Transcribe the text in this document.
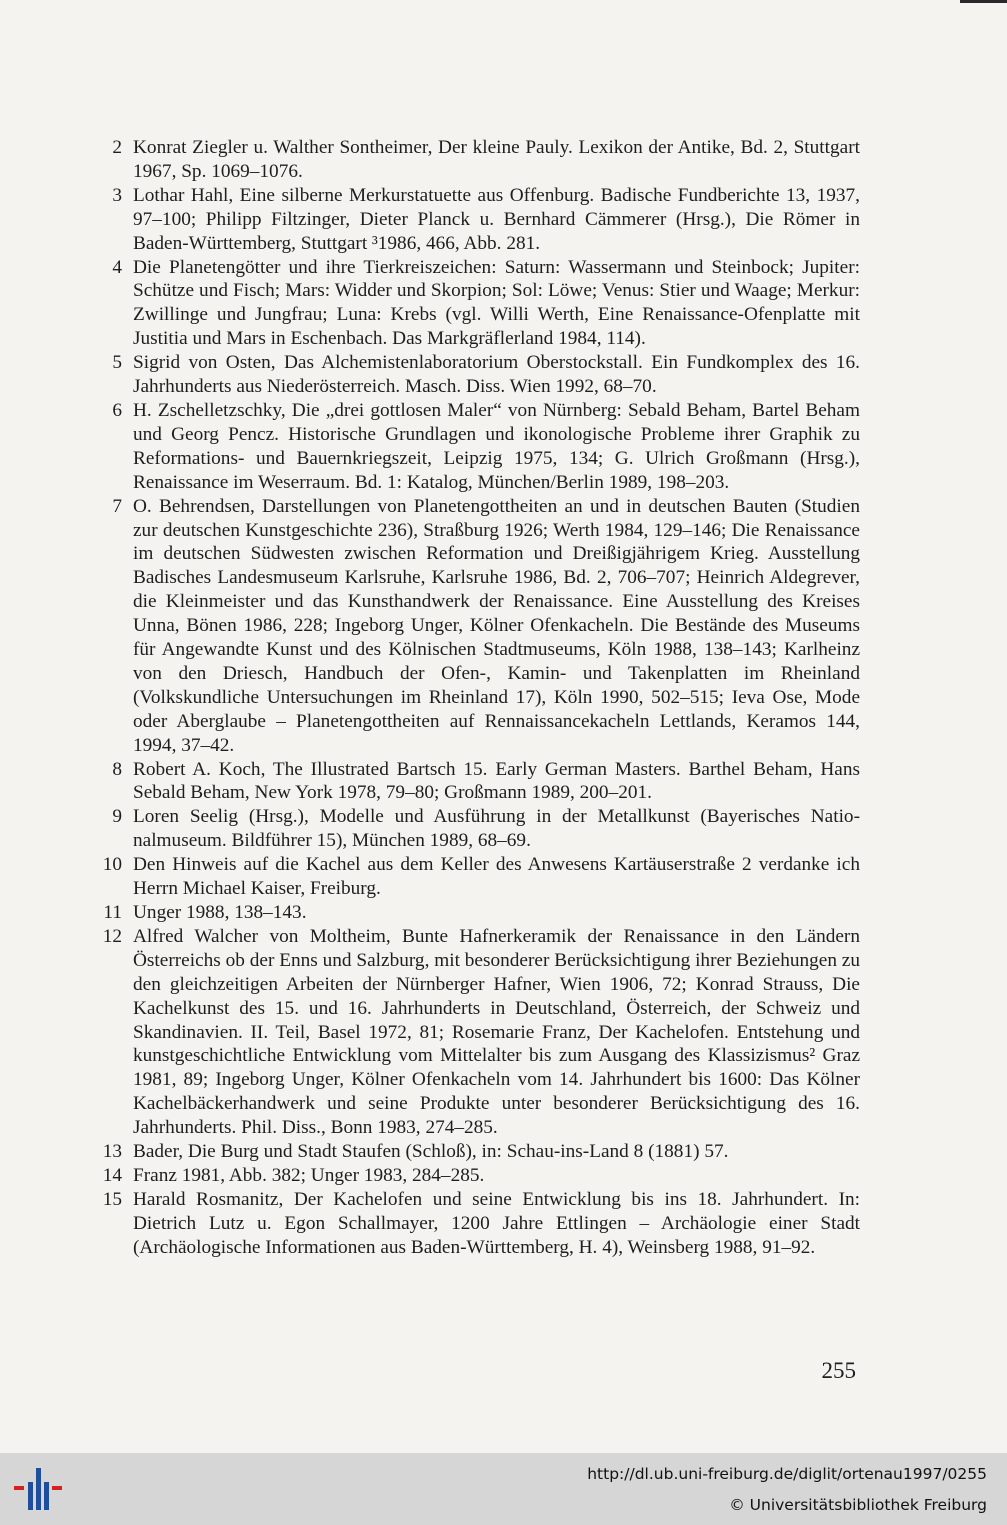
2 Konrat Ziegler u. Walther Sontheimer, Der kleine Pauly. Lexikon der Antike, Bd. 2, Stuttgart 1967, Sp. 1069–1076.
3 Lothar Hahl, Eine silberne Merkurstatuette aus Offenburg. Badische Fundberichte 13, 1937, 97–100; Philipp Filtzinger, Dieter Planck u. Bernhard Cämmerer (Hrsg.), Die Römer in Baden-Württemberg, Stuttgart ³1986, 466, Abb. 281.
4 Die Planetengötter und ihre Tierkreiszeichen: Saturn: Wassermann und Steinbock; Jupiter: Schütze und Fisch; Mars: Widder und Skorpion; Sol: Löwe; Venus: Stier und Waage; Merkur: Zwillinge und Jungfrau; Luna: Krebs (vgl. Willi Werth, Eine Renaissance-Ofenplatte mit Justitia und Mars in Eschenbach. Das Markgräflerland 1984, 114).
5 Sigrid von Osten, Das Alchemistenlaboratorium Oberstockstall. Ein Fundkomplex des 16. Jahrhunderts aus Niederösterreich. Masch. Diss. Wien 1992, 68–70.
6 H. Zschelletzschky, Die „drei gottlosen Maler“ von Nürnberg: Sebald Beham, Bartel Beham und Georg Pencz. Historische Grundlagen und ikonologische Probleme ihrer Graphik zu Reformations- und Bauernkriegszeit, Leipzig 1975, 134; G. Ulrich Großmann (Hrsg.), Renaissance im Weserraum. Bd. 1: Katalog, München/Berlin 1989, 198–203.
7 O. Behrendsen, Darstellungen von Planetengottheiten an und in deutschen Bauten (Studien zur deutschen Kunstgeschichte 236), Straßburg 1926; Werth 1984, 129–146; Die Renaissance im deutschen Südwesten zwischen Reformation und Dreißigjährigem Krieg. Ausstellung Badisches Landesmuseum Karlsruhe, Karlsruhe 1986, Bd. 2, 706–707; Heinrich Aldegrever, die Kleinmeister und das Kunsthandwerk der Renaissance. Eine Ausstellung des Kreises Unna, Bönen 1986, 228; Ingeborg Unger, Kölner Ofenkacheln. Die Bestände des Museums für Angewandte Kunst und des Kölnischen Stadtmuseums, Köln 1988, 138–143; Karlheinz von den Driesch, Handbuch der Ofen-, Kamin- und Takenplatten im Rheinland (Volkskundliche Untersuchungen im Rheinland 17), Köln 1990, 502–515; Ieva Ose, Mode oder Aberglaube – Planetengottheiten auf Rennaissancekacheln Lettlands, Keramos 144, 1994, 37–42.
8 Robert A. Koch, The Illustrated Bartsch 15. Early German Masters. Barthel Beham, Hans Sebald Beham, New York 1978, 79–80; Großmann 1989, 200–201.
9 Loren Seelig (Hrsg.), Modelle und Ausführung in der Metallkunst (Bayerisches Nationalmuseum. Bildführer 15), München 1989, 68–69.
10 Den Hinweis auf die Kachel aus dem Keller des Anwesens Kartäuserstraße 2 verdanke ich Herrn Michael Kaiser, Freiburg.
11 Unger 1988, 138–143.
12 Alfred Walcher von Moltheim, Bunte Hafnerkeramik der Renaissance in den Ländern Österreichs ob der Enns und Salzburg, mit besonderer Berücksichtigung ihrer Beziehungen zu den gleichzeitigen Arbeiten der Nürnberger Hafner, Wien 1906, 72; Konrad Strauss, Die Kachelkunst des 15. und 16. Jahrhunderts in Deutschland, Österreich, der Schweiz und Skandinavien. II. Teil, Basel 1972, 81; Rosemarie Franz, Der Kachelofen. Entstehung und kunstgeschichtliche Entwicklung vom Mittelalter bis zum Ausgang des Klassizismus² Graz 1981, 89; Ingeborg Unger, Kölner Ofenkacheln vom 14. Jahrhundert bis 1600: Das Kölner Kachelbäckerhandwerk und seine Produkte unter besonderer Berücksichtigung des 16. Jahrhunderts. Phil. Diss., Bonn 1983, 274–285.
13 Bader, Die Burg und Stadt Staufen (Schloß), in: Schau-ins-Land 8 (1881) 57.
14 Franz 1981, Abb. 382; Unger 1983, 284–285.
15 Harald Rosmanitz, Der Kachelofen und seine Entwicklung bis ins 18. Jahrhundert. In: Dietrich Lutz u. Egon Schallmayer, 1200 Jahre Ettlingen – Archäologie einer Stadt (Archäologische Informationen aus Baden-Württemberg, H. 4), Weinsberg 1988, 91–92.
255
http://dl.ub.uni-freiburg.de/diglit/ortenau1997/0255
© Universitätsbibliothek Freiburg
